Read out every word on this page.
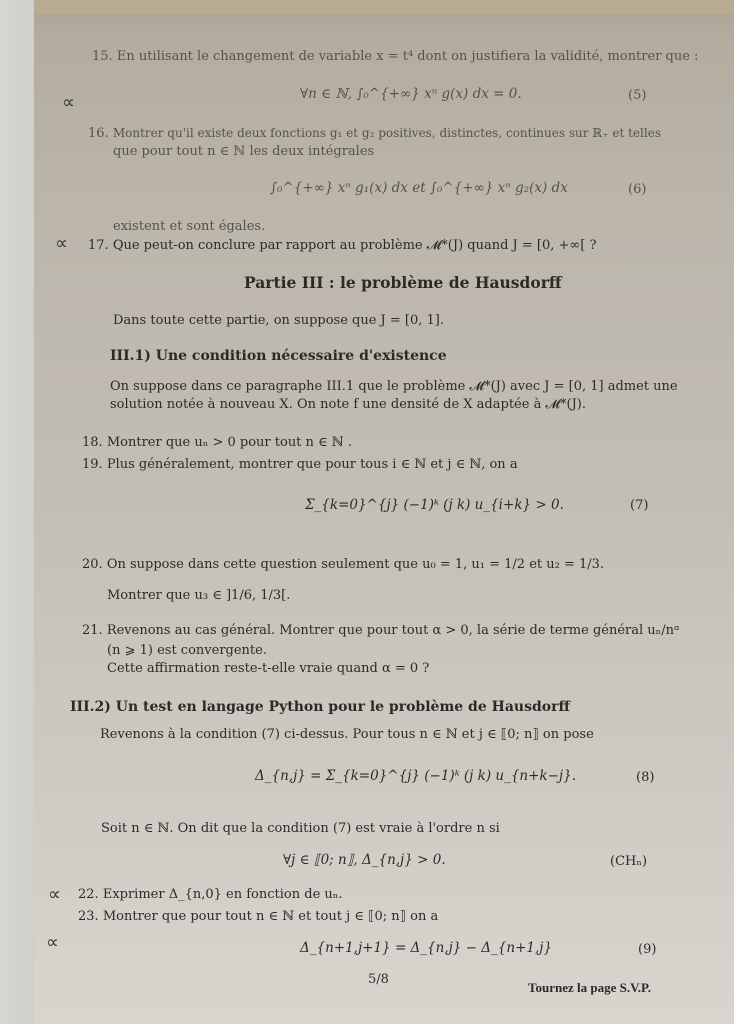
15. En utilisant le changement de variable x = t⁴ dont on justifiera la validité, montrer que :
∝	∀n ∈ ℕ, ∫₀^{+∞} xⁿ g(x) dx = 0.	(5)
16. Montrer qu'il existe deux fonctions g₁ et g₂ positives, distinctes, continues sur ℝ₊ et telles
que pour tout n ∈ ℕ les deux intégrales
∫₀^{+∞} xⁿ g₁(x) dx et ∫₀^{+∞} xⁿ g₂(x) dx	(6)
existent et sont égales.
∝ 17. Que peut-on conclure par rapport au problème 𝓜*(J) quand J = [0, +∞[ ?
Partie III : le problème de Hausdorff
Dans toute cette partie, on suppose que J = [0, 1].
III.1) Une condition nécessaire d'existence
On suppose dans ce paragraphe III.1 que le problème 𝓜*(J) avec J = [0, 1] admet une
solution notée à nouveau X. On note f une densité de X adaptée à 𝓜*(J).
18. Montrer que uₙ > 0 pour tout n ∈ ℕ .
19. Plus généralement, montrer que pour tous i ∈ ℕ et j ∈ ℕ, on a
Σ_{k=0}^{j} (−1)ᵏ (j k) u_{i+k} > 0.	(7)
20. On suppose dans cette question seulement que u₀ = 1, u₁ = 1/2 et u₂ = 1/3.
Montrer que u₃ ∈ ]1/6, 1/3[.
21. Revenons au cas général. Montrer que pour tout α > 0, la série de terme général uₙ/nᵅ
(n ⩾ 1) est convergente.
Cette affirmation reste-t-elle vraie quand α = 0 ?
III.2) Un test en langage Python pour le problème de Hausdorff
Revenons à la condition (7) ci-dessus. Pour tous n ∈ ℕ et j ∈ ⟦0; n⟧ on pose
Δ_{n,j} = Σ_{k=0}^{j} (−1)ᵏ (j k) u_{n+k−j}.	(8)
Soit n ∈ ℕ. On dit que la condition (7) est vraie à l'ordre n si
∀j ∈ ⟦0; n⟧, Δ_{n,j} > 0.	(CHₙ)
∝ 22. Exprimer Δ_{n,0} en fonction de uₙ.
23. Montrer que pour tout n ∈ ℕ et tout j ∈ ⟦0; n⟧ on a
∝	Δ_{n+1,j+1} = Δ_{n,j} − Δ_{n+1,j}	(9)
5/8
Tournez la page S.V.P.
